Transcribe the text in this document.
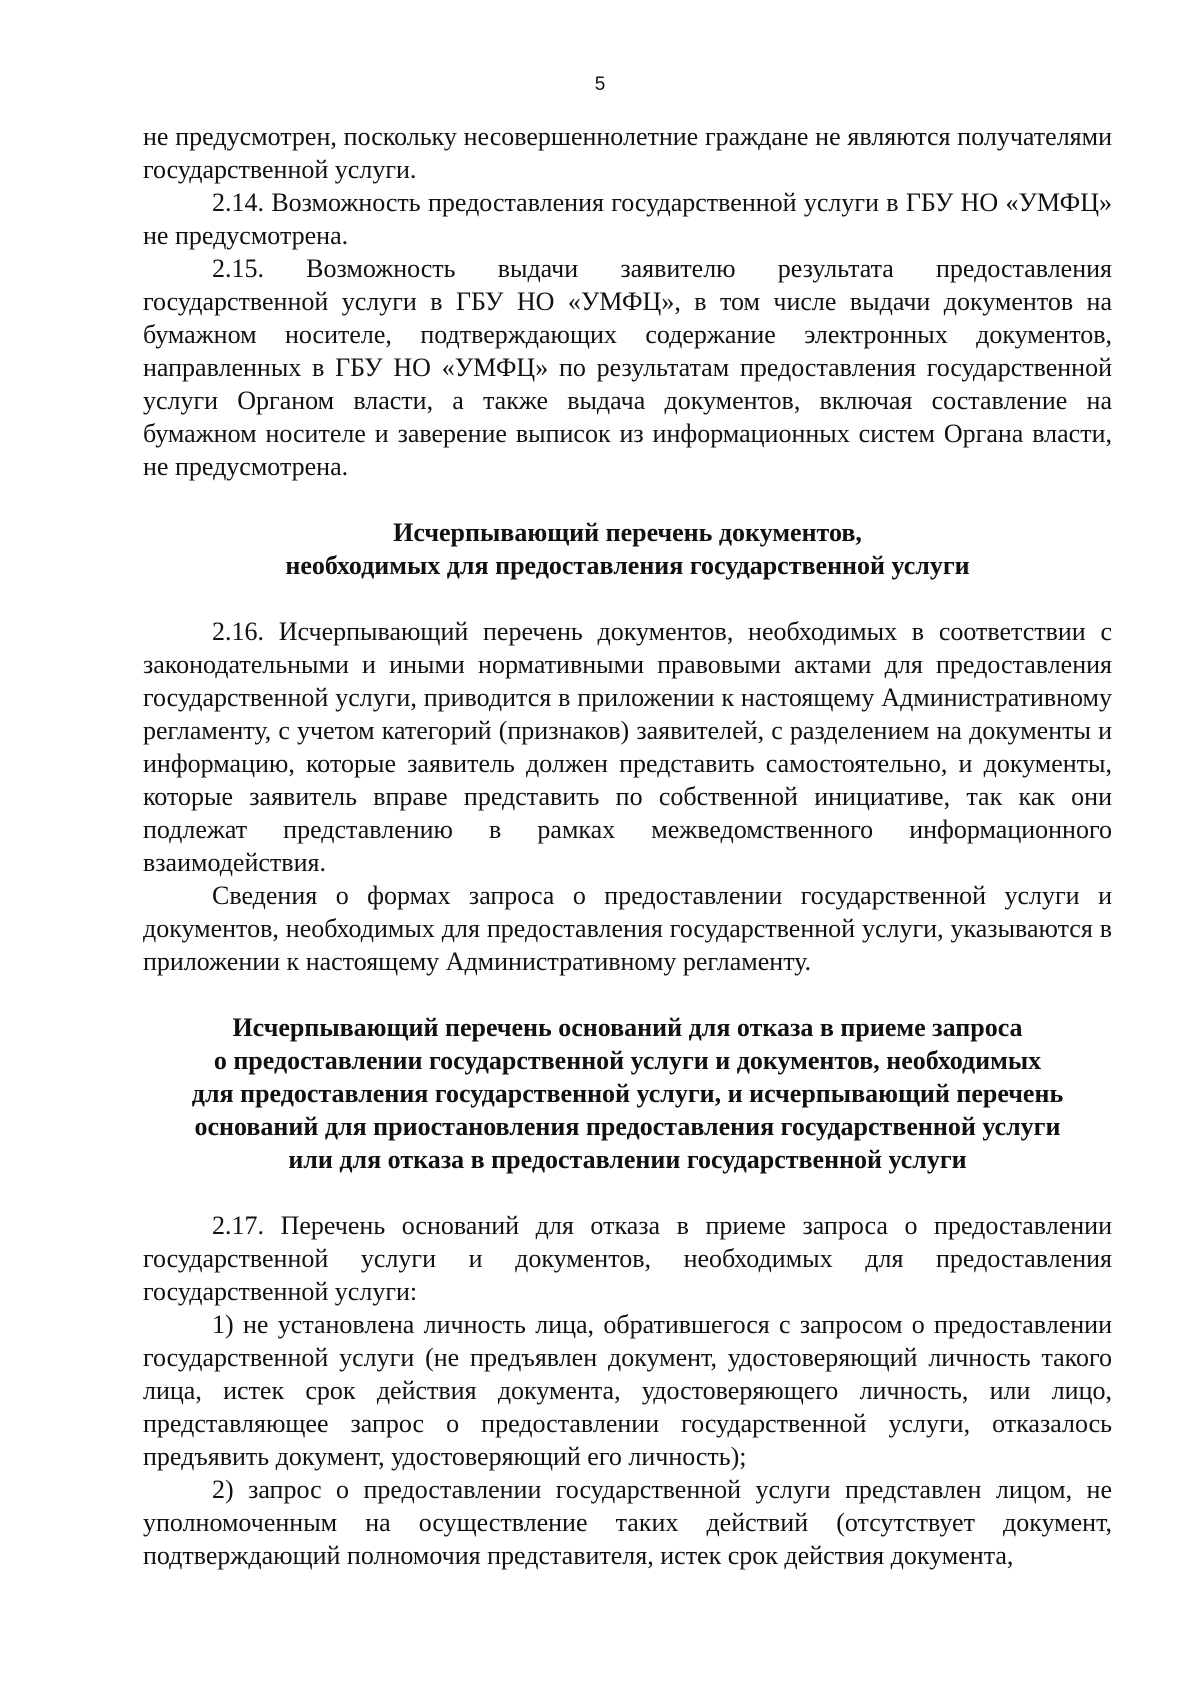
5

не предусмотрен, поскольку несовершеннолетние граждане не являются получателями государственной услуги.

2.14. Возможность предоставления государственной услуги в ГБУ НО «УМФЦ» не предусмотрена.

2.15. Возможность выдачи заявителю результата предоставления государственной услуги в ГБУ НО «УМФЦ», в том числе выдачи документов на бумажном носителе, подтверждающих содержание электронных документов, направленных в ГБУ НО «УМФЦ» по результатам предоставления государственной услуги Органом власти, а также выдача документов, включая составление на бумажном носителе и заверение выписок из информационных систем Органа власти, не предусмотрена.

Исчерпывающий перечень документов,
необходимых для предоставления государственной услуги

2.16. Исчерпывающий перечень документов, необходимых в соответствии с законодательными и иными нормативными правовыми актами для предоставления государственной услуги, приводится в приложении к настоящему Административному регламенту, с учетом категорий (признаков) заявителей, с разделением на документы и информацию, которые заявитель должен представить самостоятельно, и документы, которые заявитель вправе представить по собственной инициативе, так как они подлежат представлению в рамках межведомственного информационного взаимодействия.

Сведения о формах запроса о предоставлении государственной услуги и документов, необходимых для предоставления государственной услуги, указываются в приложении к настоящему Административному регламенту.

Исчерпывающий перечень оснований для отказа в приеме запроса
о предоставлении государственной услуги и документов, необходимых
для предоставления государственной услуги, и исчерпывающий перечень
оснований для приостановления предоставления государственной услуги
или для отказа в предоставлении государственной услуги

2.17. Перечень оснований для отказа в приеме запроса о предоставлении государственной услуги и документов, необходимых для предоставления государственной услуги:

1) не установлена личность лица, обратившегося с запросом о предоставлении государственной услуги (не предъявлен документ, удостоверяющий личность такого лица, истек срок действия документа, удостоверяющего личность, или лицо, представляющее запрос о предоставлении государственной услуги, отказалось предъявить документ, удостоверяющий его личность);

2) запрос о предоставлении государственной услуги представлен лицом, не уполномоченным на осуществление таких действий (отсутствует документ, подтверждающий полномочия представителя, истек срок действия документа,
